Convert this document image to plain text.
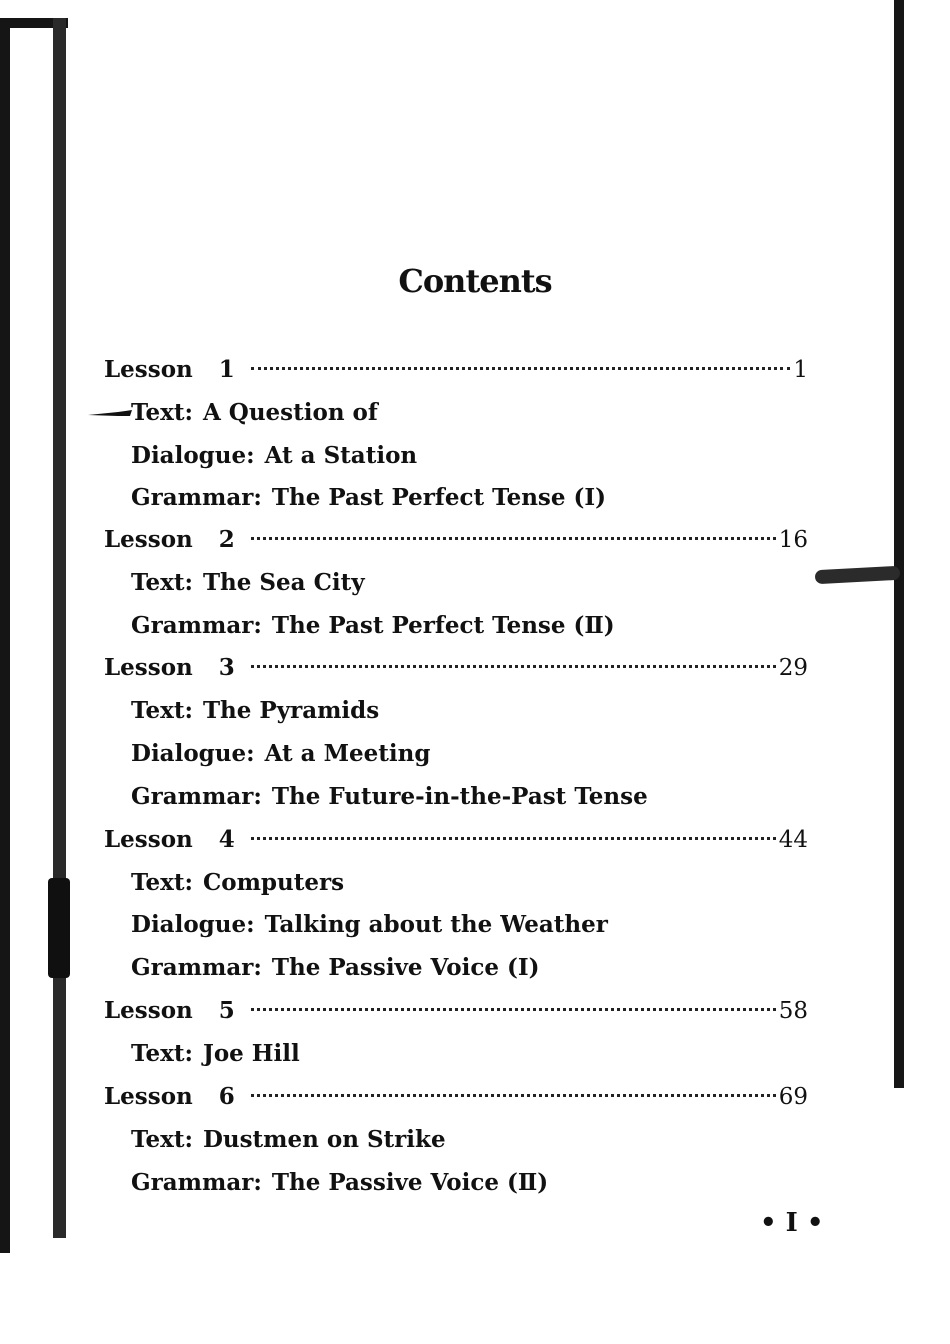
Contents
Lesson 1	1
Text: A Question of
Dialogue: At a Station
Grammar: The Past Perfect Tense (I)
Lesson 2	16
Text: The Sea City
Grammar: The Past Perfect Tense (Ⅱ)
Lesson 3	29
Text: The Pyramids
Dialogue: At a Meeting
Grammar: The Future-in-the-Past Tense
Lesson 4	44
Text: Computers
Dialogue: Talking about the Weather
Grammar: The Passive Voice (I)
Lesson 5	58
Text: Joe Hill
Lesson 6	69
Text: Dustmen on Strike
Grammar: The Passive Voice (Ⅱ)
• I •
